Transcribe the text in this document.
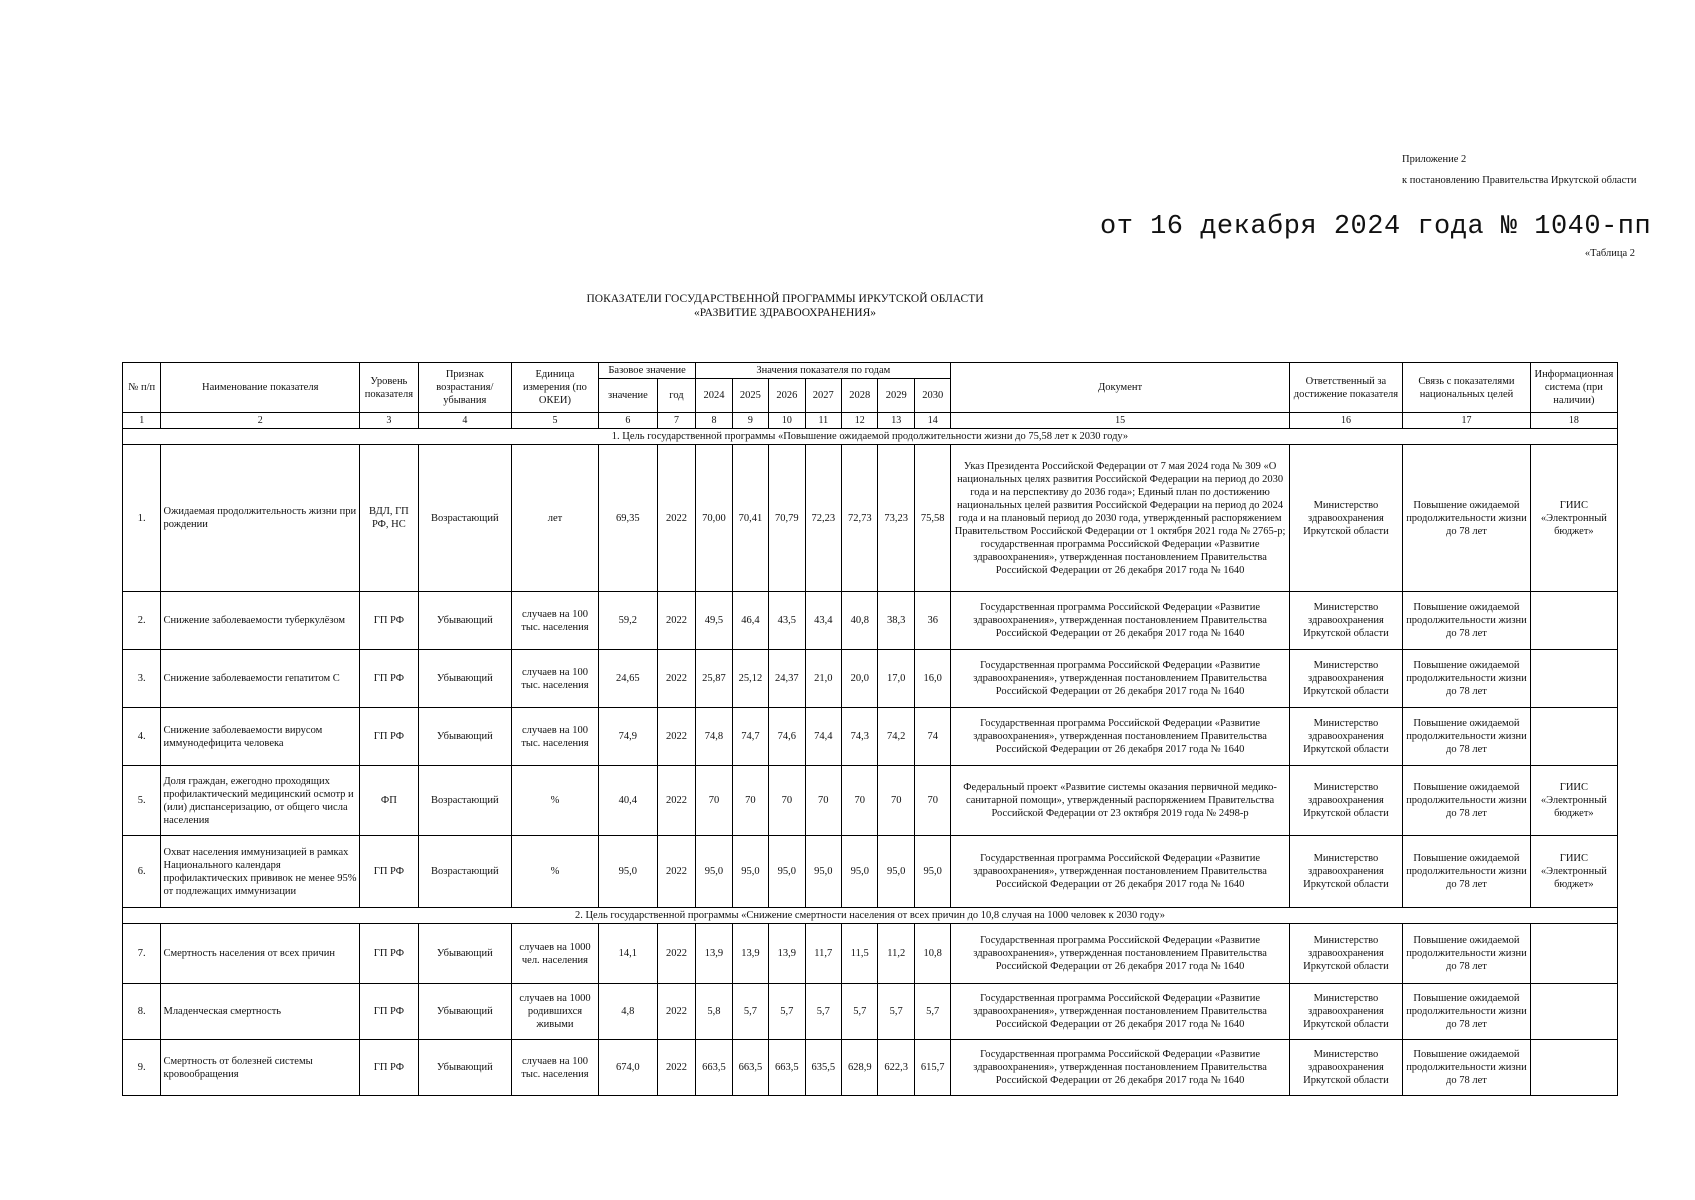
Приложение 2
к постановлению Правительства Иркутской области
от 16 декабря 2024 года № 1040-пп
«Таблица 2
ПОКАЗАТЕЛИ ГОСУДАРСТВЕННОЙ ПРОГРАММЫ ИРКУТСКОЙ ОБЛАСТИ
«РАЗВИТИЕ ЗДРАВООХРАНЕНИЯ»
№ п/п	Наименование показателя	Уровень показателя	Признак возрастания/ убывания	Единица измерения (по ОКЕИ)	Базовое значение		Значения показателя по годам							Документ	Ответственный за достижение показателя	Связь с показателями национальных целей	Информационная система (при наличии)
					значение	год	2024	2025	2026	2027	2028	2029	2030				
1	2	3	4	5	6	7	8	9	10	11	12	13	14	15	16	17	18
1. Цель государственной программы «Повышение ожидаемой продолжительности жизни до 75,58 лет к 2030 году»																	
1.	Ожидаемая продолжительность жизни при рождении	ВДЛ, ГП РФ, НС	Возрастающий	лет	69,35	2022	70,00	70,41	70,79	72,23	72,73	73,23	75,58	Указ Президента Российской Федерации от 7 мая 2024 года № 309 «О национальных целях развития Российской Федерации на период до 2030 года и на перспективу до 2036 года»; Единый план по достижению национальных целей развития Российской Федерации на период до 2024 года и на плановый период до 2030 года, утвержденный распоряжением Правительством Российской Федерации от 1 октября 2021 года № 2765-р; государственная программа Российской Федерации «Развитие здравоохранения», утвержденная постановлением Правительства Российской Федерации от 26 декабря 2017 года № 1640	Министерство здравоохранения Иркутской области	Повышение ожидаемой продолжительности жизни до 78 лет	ГИИС «Электронный бюджет»
2.	Снижение заболеваемости туберкулёзом	ГП РФ	Убывающий	случаев на 100 тыс. населения	59,2	2022	49,5	46,4	43,5	43,4	40,8	38,3	36	Государственная программа Российской Федерации «Развитие здравоохранения», утвержденная постановлением Правительства Российской Федерации от 26 декабря 2017 года № 1640	Министерство здравоохранения Иркутской области	Повышение ожидаемой продолжительности жизни до 78 лет	
3.	Снижение заболеваемости гепатитом С	ГП РФ	Убывающий	случаев на 100 тыс. населения	24,65	2022	25,87	25,12	24,37	21,0	20,0	17,0	16,0	Государственная программа Российской Федерации «Развитие здравоохранения», утвержденная постановлением Правительства Российской Федерации от 26 декабря 2017 года № 1640	Министерство здравоохранения Иркутской области	Повышение ожидаемой продолжительности жизни до 78 лет	
4.	Снижение заболеваемости вирусом иммунодефицита человека	ГП РФ	Убывающий	случаев на 100 тыс. населения	74,9	2022	74,8	74,7	74,6	74,4	74,3	74,2	74	Государственная программа Российской Федерации «Развитие здравоохранения», утвержденная постановлением Правительства Российской Федерации от 26 декабря 2017 года № 1640	Министерство здравоохранения Иркутской области	Повышение ожидаемой продолжительности жизни до 78 лет	
5.	Доля граждан, ежегодно проходящих профилактический медицинский осмотр и (или) диспансеризацию, от общего числа населения	ФП	Возрастающий	%	40,4	2022	70	70	70	70	70	70	70	Федеральный проект «Развитие системы оказания первичной медико-санитарной помощи», утвержденный распоряжением Правительства Российской Федерации от 23 октября 2019 года № 2498-р	Министерство здравоохранения Иркутской области	Повышение ожидаемой продолжительности жизни до 78 лет	ГИИС «Электронный бюджет»
6.	Охват населения иммунизацией в рамках Национального календаря профилактических прививок не менее 95% от подлежащих иммунизации	ГП РФ	Возрастающий	%	95,0	2022	95,0	95,0	95,0	95,0	95,0	95,0	95,0	Государственная программа Российской Федерации «Развитие здравоохранения», утвержденная постановлением Правительства Российской Федерации от 26 декабря 2017 года № 1640	Министерство здравоохранения Иркутской области	Повышение ожидаемой продолжительности жизни до 78 лет	ГИИС «Электронный бюджет»
2. Цель государственной программы «Снижение смертности населения от всех причин до 10,8 случая на 1000 человек к 2030 году»																	
7.	Смертность населения от всех причин	ГП РФ	Убывающий	случаев на 1000 чел. населения	14,1	2022	13,9	13,9	13,9	11,7	11,5	11,2	10,8	Государственная программа Российской Федерации «Развитие здравоохранения», утвержденная постановлением Правительства Российской Федерации от 26 декабря 2017 года № 1640	Министерство здравоохранения Иркутской области	Повышение ожидаемой продолжительности жизни до 78 лет	
8.	Младенческая смертность	ГП РФ	Убывающий	случаев на 1000 родившихся живыми	4,8	2022	5,8	5,7	5,7	5,7	5,7	5,7	5,7	Государственная программа Российской Федерации «Развитие здравоохранения», утвержденная постановлением Правительства Российской Федерации от 26 декабря 2017 года № 1640	Министерство здравоохранения Иркутской области	Повышение ожидаемой продолжительности жизни до 78 лет	
9.	Смертность от болезней системы кровообращения	ГП РФ	Убывающий	случаев на 100 тыс. населения	674,0	2022	663,5	663,5	663,5	635,5	628,9	622,3	615,7	Государственная программа Российской Федерации «Развитие здравоохранения», утвержденная постановлением Правительства Российской Федерации от 26 декабря 2017 года № 1640	Министерство здравоохранения Иркутской области	Повышение ожидаемой продолжительности жизни до 78 лет	
